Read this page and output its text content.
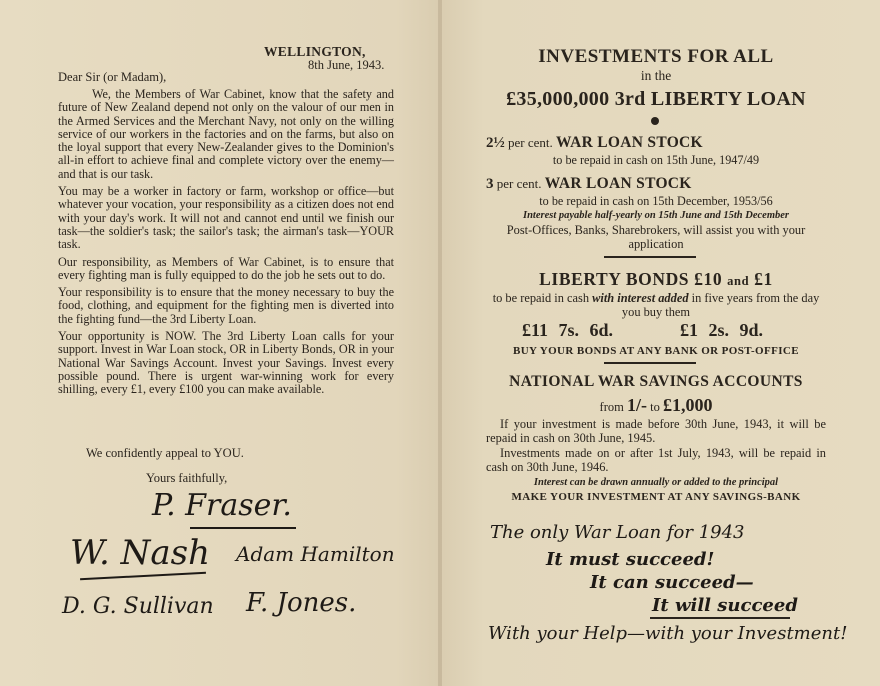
WELLINGTON,
8th June, 1943.
Dear Sir (or Madam),

We, the Members of War Cabinet, know that the safety and future of New Zealand depend not only on the valour of our men in the Armed Services and the Merchant Navy, not only on the willing service of our workers in the factories and on the farms, but also on the loyal support that every New-Zealander gives to the Dominion's all-in effort to achieve final and complete victory over the enemy—and that is our task.

You may be a worker in factory or farm, workshop or office—but whatever your vocation, your responsibility as a citizen does not end with your day's work. It will not and cannot end until we finish our task—the soldier's task; the sailor's task; the airman's task—YOUR task.

Our responsibility, as Members of War Cabinet, is to ensure that every fighting man is fully equipped to do the job he sets out to do.

Your responsibility is to ensure that the money necessary to buy the food, clothing, and equipment for the fighting men is diverted into the fighting fund—the 3rd Liberty Loan.

Your opportunity is NOW. The 3rd Liberty Loan calls for your support. Invest in War Loan stock, OR in Liberty Bonds, OR in your National War Savings Account. Invest your Savings. Invest every possible pound. There is urgent war-winning work for every shilling, every £1, every £100 you can make available.

We confidently appeal to YOU.
Yours faithfully,
P. Fraser.
W. Nash Adam Hamilton
D. G. Sullivan F. Jones.
INVESTMENTS FOR ALL
in the
£35,000,000 3rd LIBERTY LOAN
2½ per cent. WAR LOAN STOCK
to be repaid in cash on 15th June, 1947/49
3 per cent. WAR LOAN STOCK
to be repaid in cash on 15th December, 1953/56
Interest payable half-yearly on 15th June and 15th December
Post-Offices, Banks, Sharebrokers, will assist you with your application
LIBERTY BONDS £10 and £1
to be repaid in cash with interest added in five years from the day you buy them
£11 7s. 6d.	£1 2s. 9d.
BUY YOUR BONDS AT ANY BANK OR POST-OFFICE
NATIONAL WAR SAVINGS ACCOUNTS
from 1/- to £1,000
If your investment is made before 30th June, 1943, it will be repaid in cash on 30th June, 1945.
Investments made on or after 1st July, 1943, will be repaid in cash on 30th June, 1946.
Interest can be drawn annually or added to the principal
MAKE YOUR INVESTMENT AT ANY SAVINGS-BANK
The only War Loan for 1943
It must succeed!
It can succeed—
It will succeed
With your Help—with your Investment!
